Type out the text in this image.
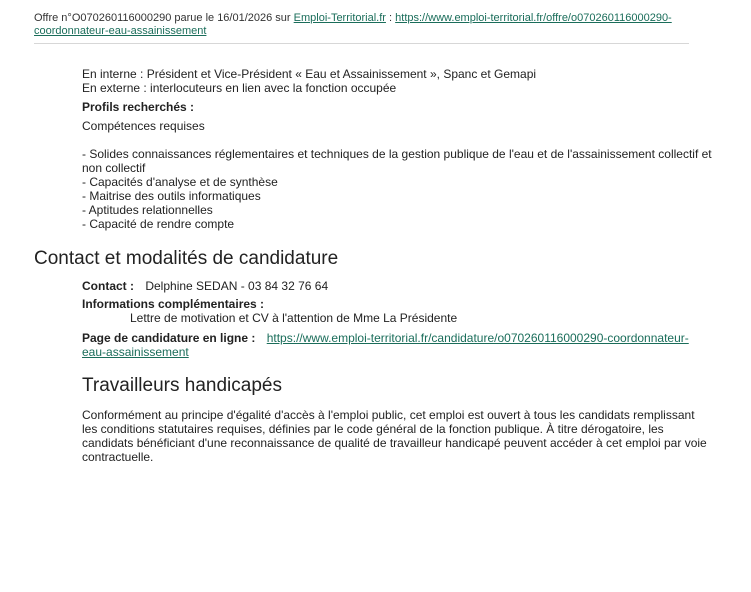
Offre n°O070260116000290 parue le 16/01/2026 sur Emploi-Territorial.fr : https://www.emploi-territorial.fr/offre/o070260116000290-coordonnateur-eau-assainissement
En interne : Président et Vice-Président « Eau et Assainissement », Spanc et Gemapi
En externe : interlocuteurs en lien avec la fonction occupée
Profils recherchés :
Compétences requises
- Solides connaissances réglementaires et techniques de la gestion publique de l'eau et de l'assainissement collectif et
non collectif
- Capacités d'analyse et de synthèse
- Maitrise des outils informatiques
- Aptitudes relationnelles
- Capacité de rendre compte
Contact et modalités de candidature
Contact : Delphine SEDAN - 03 84 32 76 64
Informations complémentaires :
Lettre de motivation et CV à l'attention de Mme La Présidente
Page de candidature en ligne : https://www.emploi-territorial.fr/candidature/o070260116000290-coordonnateur-
eau-assainissement
Travailleurs handicapés
Conformément au principe d'égalité d'accès à l'emploi public, cet emploi est ouvert à tous les candidats remplissant
les conditions statutaires requises, définies par le code général de la fonction publique. À titre dérogatoire, les
candidats bénéficiant d'une reconnaissance de qualité de travailleur handicapé peuvent accéder à cet emploi par voie
contractuelle.
